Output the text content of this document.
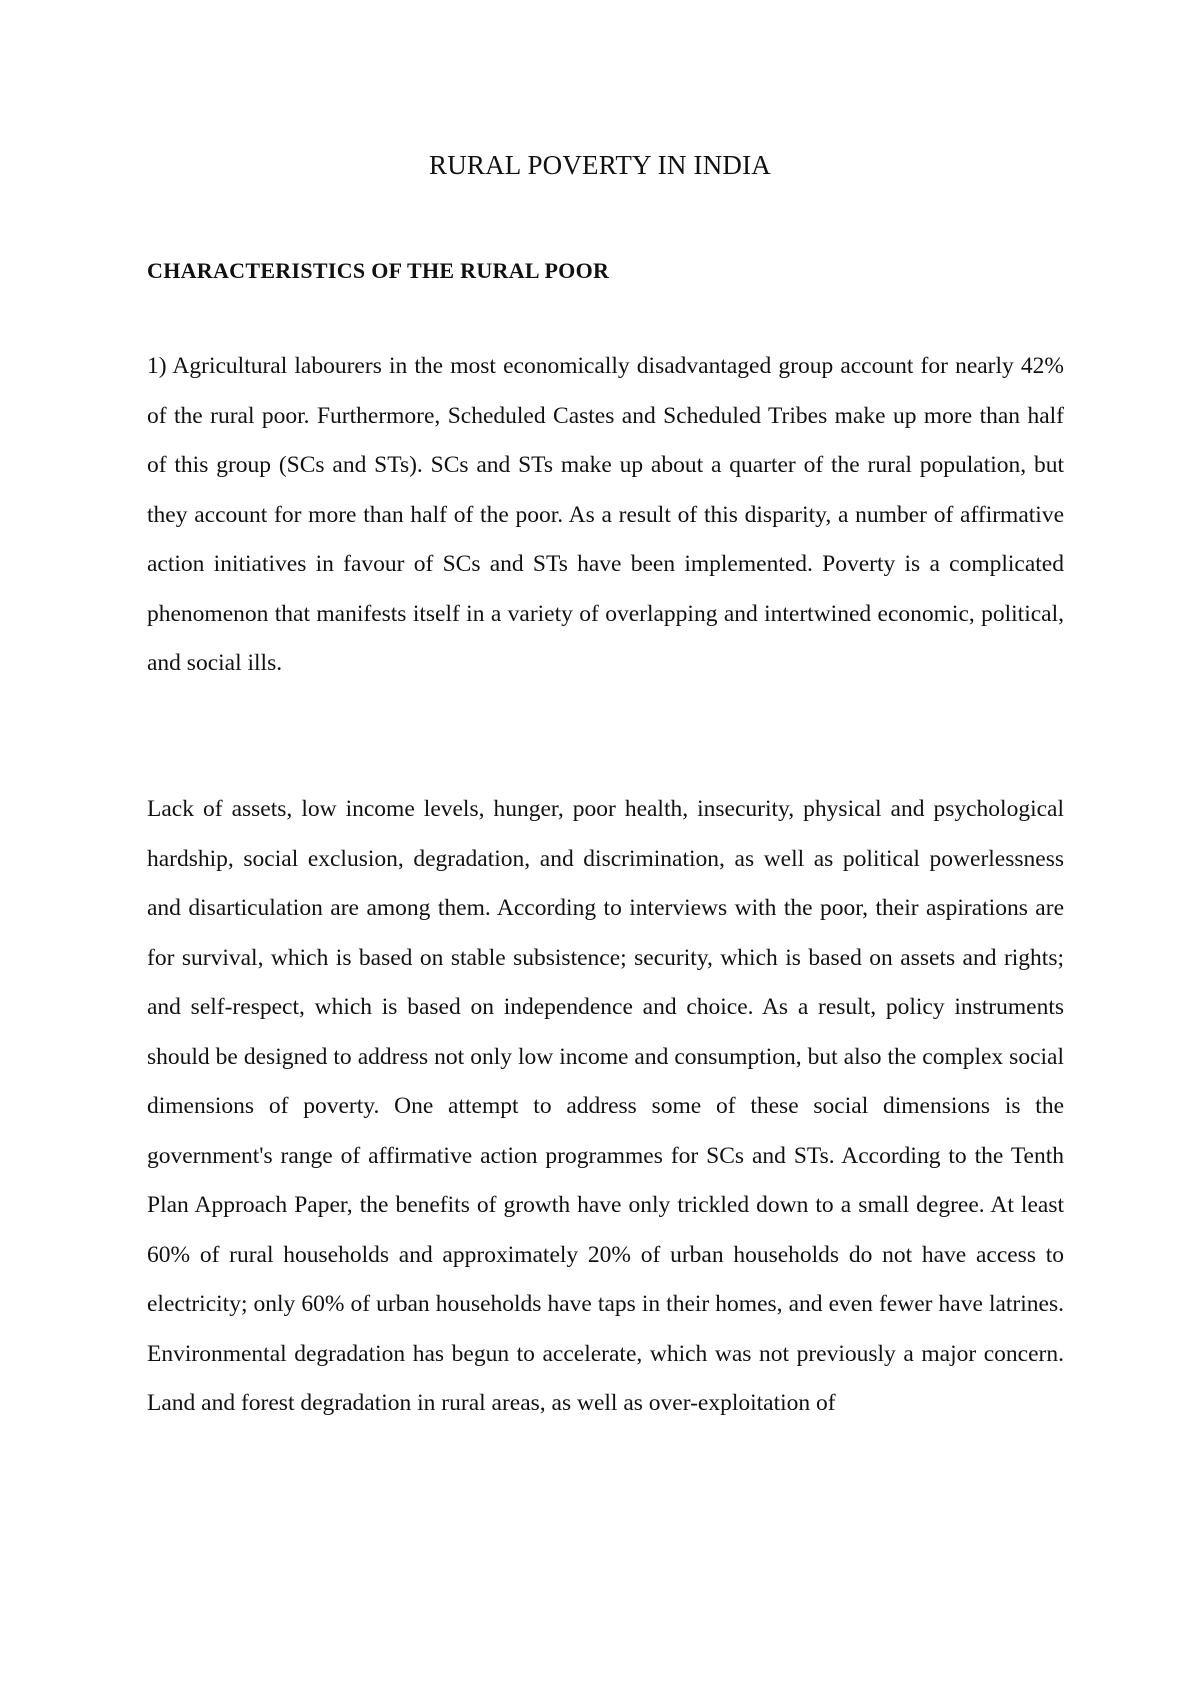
RURAL POVERTY IN INDIA
CHARACTERISTICS OF THE RURAL POOR

1) Agricultural labourers in the most economically disadvantaged group account for nearly 42% of the rural poor. Furthermore, Scheduled Castes and Scheduled Tribes make up more than half of this group (SCs and STs). SCs and STs make up about a quarter of the rural population, but they account for more than half of the poor. As a result of this disparity, a number of affirmative action initiatives in favour of SCs and STs have been implemented. Poverty is a complicated phenomenon that manifests itself in a variety of overlapping and intertwined economic, political, and social ills.

Lack of assets, low income levels, hunger, poor health, insecurity, physical and psychological hardship, social exclusion, degradation, and discrimination, as well as political powerlessness and disarticulation are among them. According to interviews with the poor, their aspirations are for survival, which is based on stable subsistence; security, which is based on assets and rights; and self-respect, which is based on independence and choice. As a result, policy instruments should be designed to address not only low income and consumption, but also the complex social dimensions of poverty. One attempt to address some of these social dimensions is the government's range of affirmative action programmes for SCs and STs. According to the Tenth Plan Approach Paper, the benefits of growth have only trickled down to a small degree. At least 60% of rural households and approximately 20% of urban households do not have access to electricity; only 60% of urban households have taps in their homes, and even fewer have latrines. Environmental degradation has begun to accelerate, which was not previously a major concern. Land and forest degradation in rural areas, as well as over-exploitation of
